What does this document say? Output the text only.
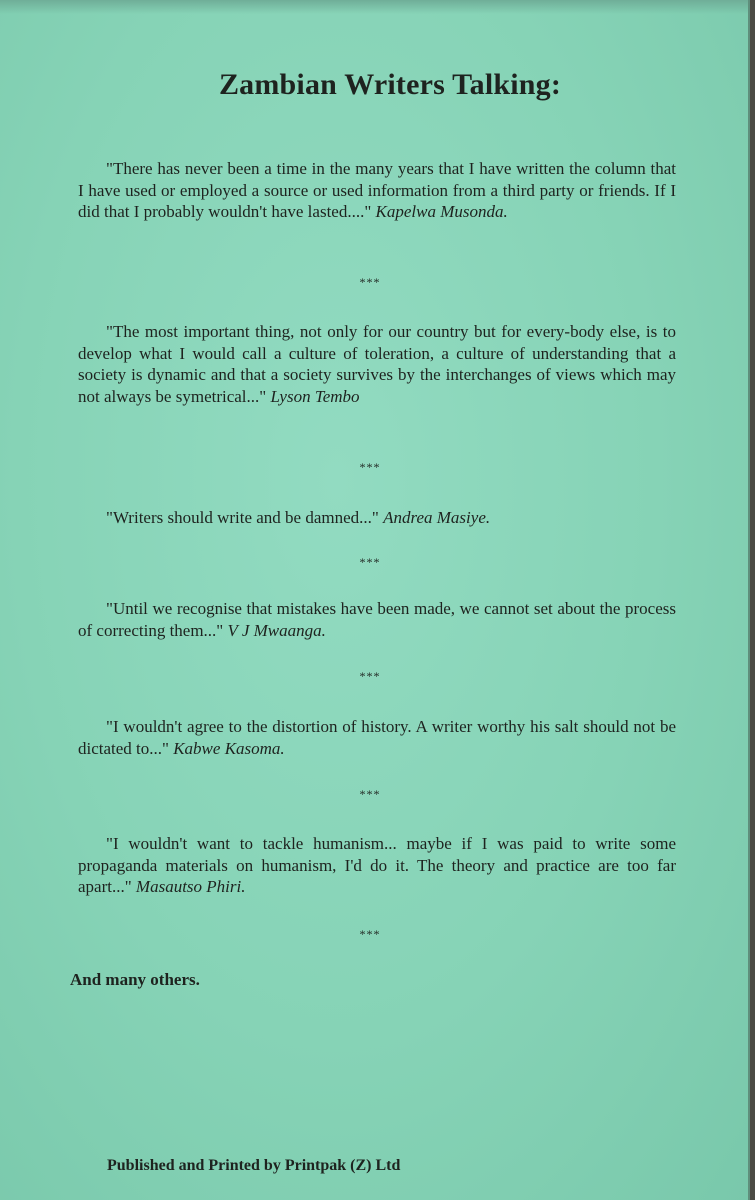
Zambian Writers Talking:

"There has never been a time in the many years that I have written the column that I have used or employed a source or used information from a third party or friends. If I did that I probably wouldn't have lasted...." Kapelwa Musonda.

***

"The most important thing, not only for our country but for every-body else, is to develop what I would call a culture of toleration, a culture of understanding that a society is dynamic and that a society survives by the interchanges of views which may not always be symetrical..." Lyson Tembo

***

"Writers should write and be damned..." Andrea Masiye.

***

"Until we recognise that mistakes have been made, we cannot set about the process of correcting them..." V J Mwaanga.

***

"I wouldn't agree to the distortion of history. A writer worthy his salt should not be dictated to..." Kabwe Kasoma.

***

"I wouldn't want to tackle humanism... maybe if I was paid to write some propaganda materials on humanism, I'd do it. The theory and practice are too far apart..." Masautso Phiri.

***
And many others.
Published and Printed by Printpak (Z) Ltd
